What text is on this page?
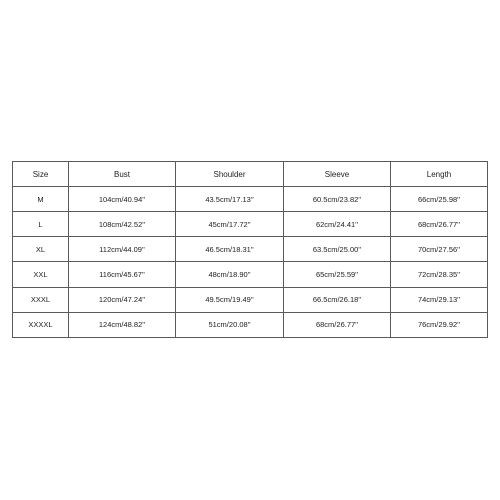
Size	Bust	Shoulder	Sleeve	Length
M	104cm/40.94''	43.5cm/17.13''	60.5cm/23.82''	66cm/25.98''
L	108cm/42.52''	45cm/17.72''	62cm/24.41''	68cm/26.77''
XL	112cm/44.09''	46.5cm/18.31''	63.5cm/25.00''	70cm/27.56''
XXL	116cm/45.67''	48cm/18.90''	65cm/25.59''	72cm/28.35''
XXXL	120cm/47.24''	49.5cm/19.49''	66.5cm/26.18''	74cm/29.13''
XXXXL	124cm/48.82''	51cm/20.08''	68cm/26.77''	76cm/29.92''
